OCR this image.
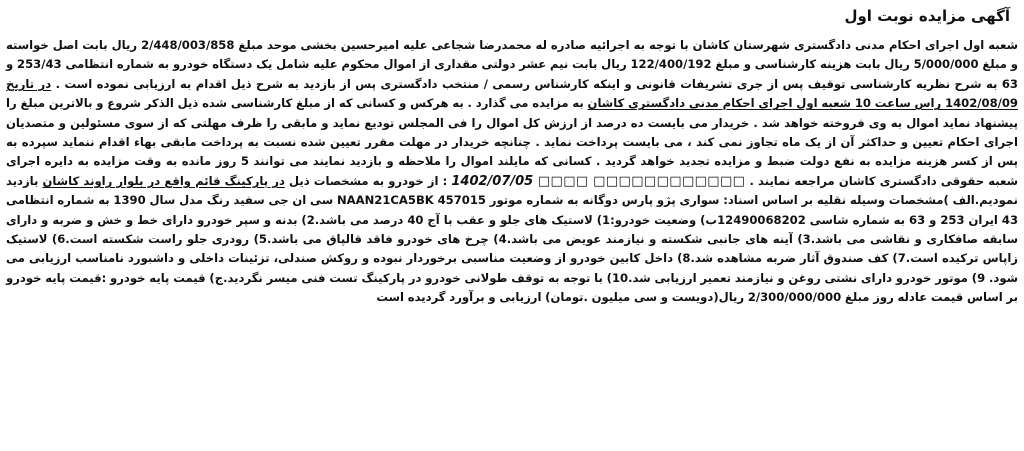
آگهی مزایده نوبت اول

شعبه اول اجرای احکام مدنی دادگستری شهرستان کاشان با توجه به اجرائیه صادره له محمدرضا شجاعی علیه امیرحسین بخشی موحد مبلغ 2/448/003/858 ریال بابت اصل خواسته و مبلغ 5/000/000 ریال بابت هزینه کارشناسی و مبلغ 122/400/192 ریال بابت نیم عشر دولتی مقداری از اموال محکوم علیه شامل یک دستگاه خودرو به شماره انتظامی 253/43 و 63 به شرح نظریه کارشناسی توقیف پس از جری تشریفات قانونی و اینکه کارشناس رسمی / منتخب دادگستری پس از بازدید به شرح ذیل اقدام به ارزیابی نموده است . در تاریخ 1402/08/09 راس ساعت 10 شعبه اول اجرای احکام مدنی دادگستری کاشان به مزایده می گذارد . به هرکس و کسانی که از مبلغ کارشناسی شده ذیل الذکر شروع و بالاترین مبلغ را پیشنهاد نماید اموال به وی فروخته خواهد شد . خریدار می بایست ده درصد از ارزش کل اموال را فی المجلس تودیع نماید و مابقی را ظرف مهلتی که از سوی مسئولین و متصدیان اجرای احکام تعیین و حداکثر آن از یک ماه تجاوز نمی کند ، می بایست پرداخت نماید . چنانچه خریدار در مهلت مقرر تعیین شده نسبت به پرداخت مابقی بهاء اقدام ننماید سپرده به پس از کسر هزینه مزایده به نفع دولت ضبط و مزایده تجدید خواهد گردید . کسانی که مایلند اموال را ملاحظه و بازدید نمایند می توانند 5 روز مانده به وقت مزایده به دایره اجرای شعبه حقوقی دادگستری کاشان مراجعه نمایند . □□□□□□□□□□□□ □□□□ 1402/07/05 : از خودرو به مشخصات ذیل در پارکینگ قائم واقع در بلوار راوند کاشان بازدید نمودیم.الف )مشخصات وسیله نقلیه بر اساس اسناد: سواری پژو پارس دوگانه به شماره موتور 457015 NAAN21CA5BK سی ان جی سفید رنگ مدل سال 1390 به شماره انتظامی 43 ایران 253 و 63 به شماره شاسی 12490068202ب) وضعیت خودرو:1) لاستیک های جلو و عقب با آج 40 درصد می باشد.2) بدنه و سپر خودرو دارای خط و خش و ضربه و دارای سابقه صافکاری و نقاشی می باشد.3) آینه های جانبی شکسته و نیازمند عویض می باشد.4) چرخ های خودرو فاقد قالپاق می باشد.5) رودری جلو راست شکسته است.6) لاستیک زاپاس ترکیده است.7) کف صندوق آثار ضربه مشاهده شد.8) داخل کابین خودرو از وضعیت مناسبی برخوردار نبوده و روکش صندلی، تزئینات داخلی و داشبورد نامناسب ارزیابی می شود. 9) موتور خودرو دارای نشتی روغن و نیازمند تعمیر ارزیابی شد.10) با توجه به توقف طولانی خودرو در پارکینگ تست فنی میسر نگردید.ج) قیمت پایه خودرو :قیمت پایه خودرو بر اساس قیمت عادله روز مبلغ 2/300/000/000 ریال(دویست و سی میلیون .تومان) ارزیابی و برآورد گردیده است
